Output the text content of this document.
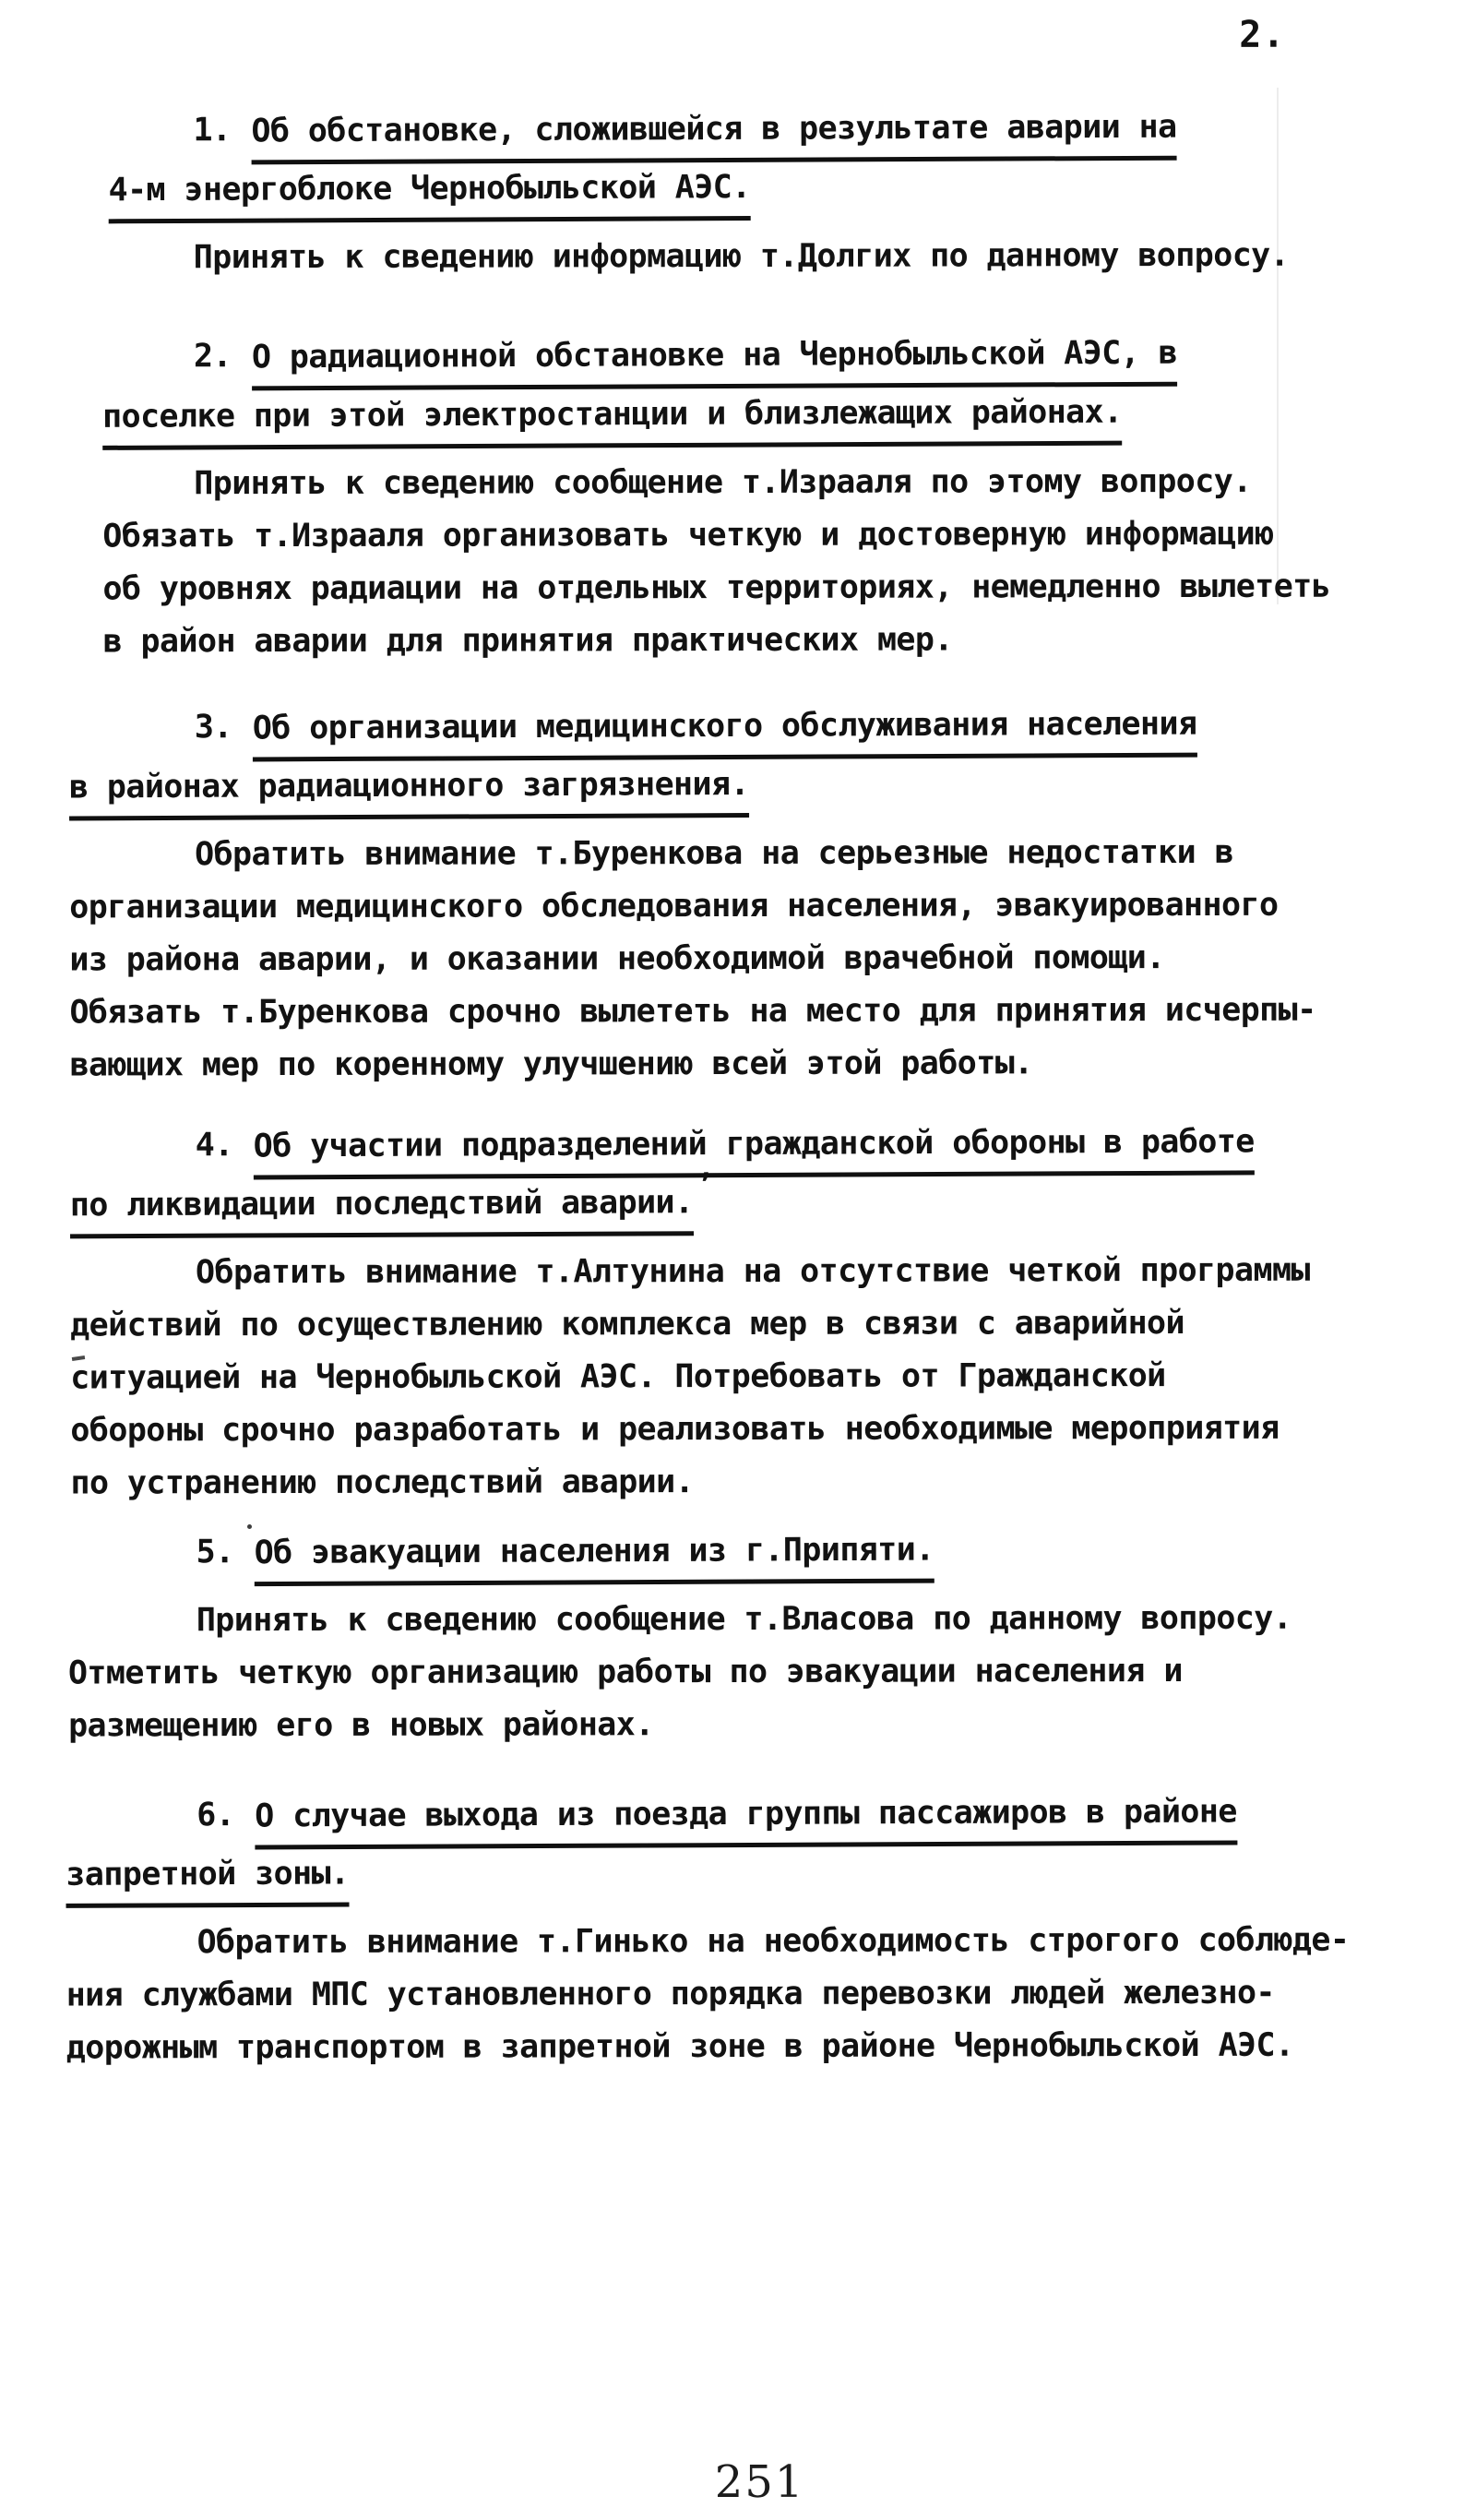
2.
1. Об обстановке, сложившейся в результате аварии на
4-м энергоблоке Чернобыльской АЭС.
Принять к сведению информацию т.Долгих по данному вопросу.
2. О радиационной обстановке на Чернобыльской АЭС, в
поселке при этой электростанции и близлежащих районах.
Принять к сведению сообщение т.Израаля по этому вопросу.
Обязать т.Израаля организовать четкую и достоверную информацию
об уровнях радиации на отдельных территориях, немедленно вылететь
в район аварии для принятия практических мер.
3. Об организации медицинского обслуживания населения
в районах радиационного загрязнения.
Обратить внимание т.Буренкова на серьезные недостатки в
организации медицинского обследования населения, эвакуированного
из района аварии, и оказании необходимой врачебной помощи.
Обязать т.Буренкова срочно вылететь на место для принятия исчерпы-
вающих мер по коренному улучшению всей этой работы.
4. Об участии подразделений гражданской обороны в работе
по ликвидации последствий аварии. ʼ
Обратить внимание т.Алтунина на отсутствие четкой программы
действий по осуществлению комплекса мер в связи с аварийной
ситуацией на Чернобыльской АЭС. Потребовать от Гражданской
обороны срочно разработать и реализовать необходимые мероприятия
по устранению последствий аварии.
5. Об эвакуации населения из г.Припяти.
Принять к сведению сообщение т.Власова по данному вопросу.
Отметить четкую организацию работы по эвакуации населения и
размещению его в новых районах.
6. О случае выхода из поезда группы пассажиров в районе
запретной зоны.
Обратить внимание т.Гинько на необходимость строгого соблюде-
ния службами МПС установленного порядка перевозки людей железно-
дорожным транспортом в запретной зоне в районе Чернобыльской АЭС.
251
